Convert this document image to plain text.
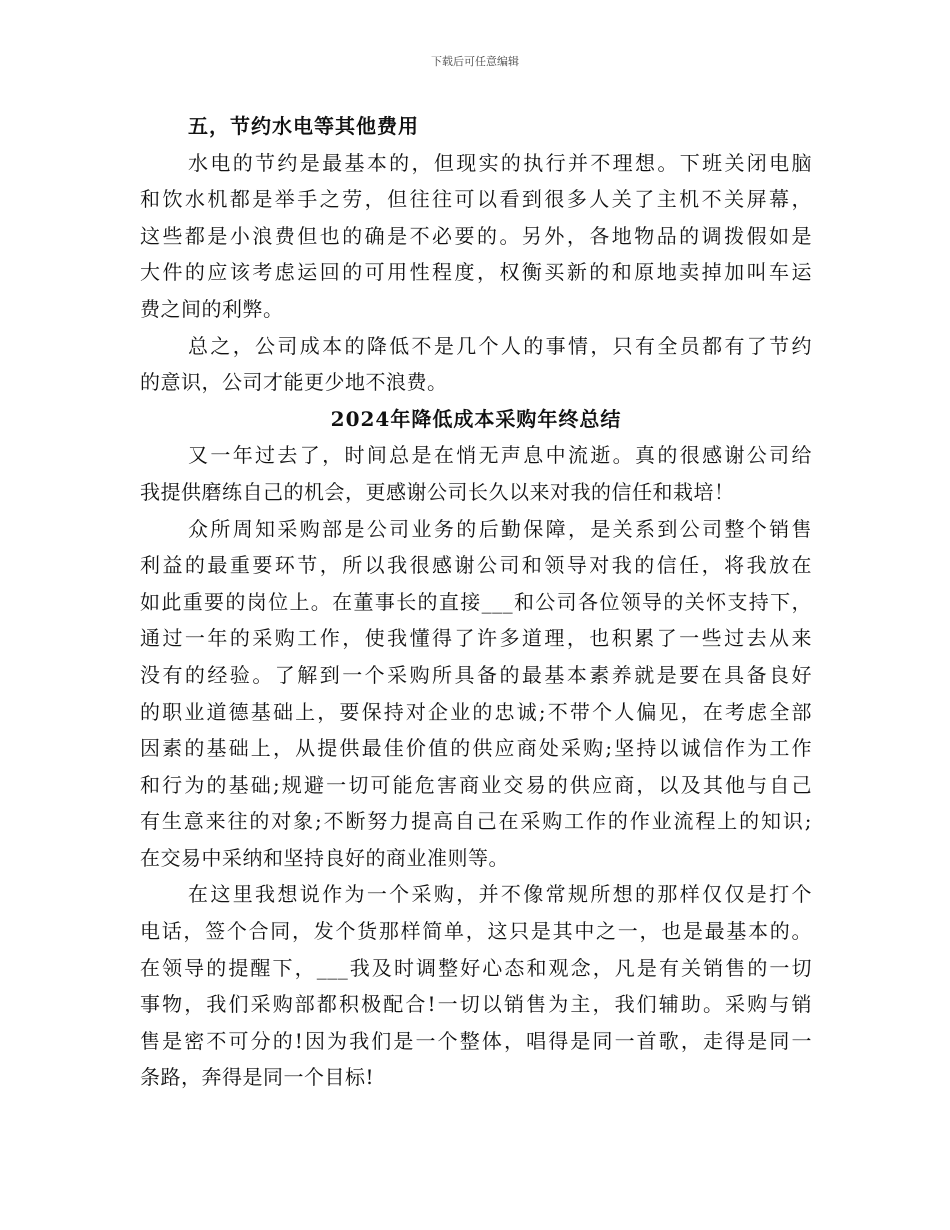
下载后可任意编辑
五，节约水电等其他费用
水电的节约是最基本的，但现实的执行并不理想。下班关闭电脑
和饮水机都是举手之劳，但往往可以看到很多人关了主机不关屏幕，
这些都是小浪费但也的确是不必要的。另外，各地物品的调拨假如是
大件的应该考虑运回的可用性程度，权衡买新的和原地卖掉加叫车运
费之间的利弊。
总之，公司成本的降低不是几个人的事情，只有全员都有了节约
的意识，公司才能更少地不浪费。
2024年降低成本采购年终总结
又一年过去了，时间总是在悄无声息中流逝。真的很感谢公司给
我提供磨练自己的机会，更感谢公司长久以来对我的信任和栽培！
众所周知采购部是公司业务的后勤保障，是关系到公司整个销售
利益的最重要环节，所以我很感谢公司和领导对我的信任，将我放在
如此重要的岗位上。在董事长的直接___和公司各位领导的关怀支持下，
通过一年的采购工作，使我懂得了许多道理，也积累了一些过去从来
没有的经验。了解到一个采购所具备的最基本素养就是要在具备良好
的职业道德基础上，要保持对企业的忠诚;不带个人偏见，在考虑全部
因素的基础上，从提供最佳价值的供应商处采购;坚持以诚信作为工作
和行为的基础;规避一切可能危害商业交易的供应商，以及其他与自己
有生意来往的对象;不断努力提高自己在采购工作的作业流程上的知识;
在交易中采纳和坚持良好的商业准则等。
在这里我想说作为一个采购，并不像常规所想的那样仅仅是打个
电话，签个合同，发个货那样简单，这只是其中之一，也是最基本的。
在领导的提醒下，___我及时调整好心态和观念，凡是有关销售的一切
事物，我们采购部都积极配合!一切以销售为主，我们辅助。采购与销
售是密不可分的!因为我们是一个整体，唱得是同一首歌，走得是同一
条路，奔得是同一个目标!
